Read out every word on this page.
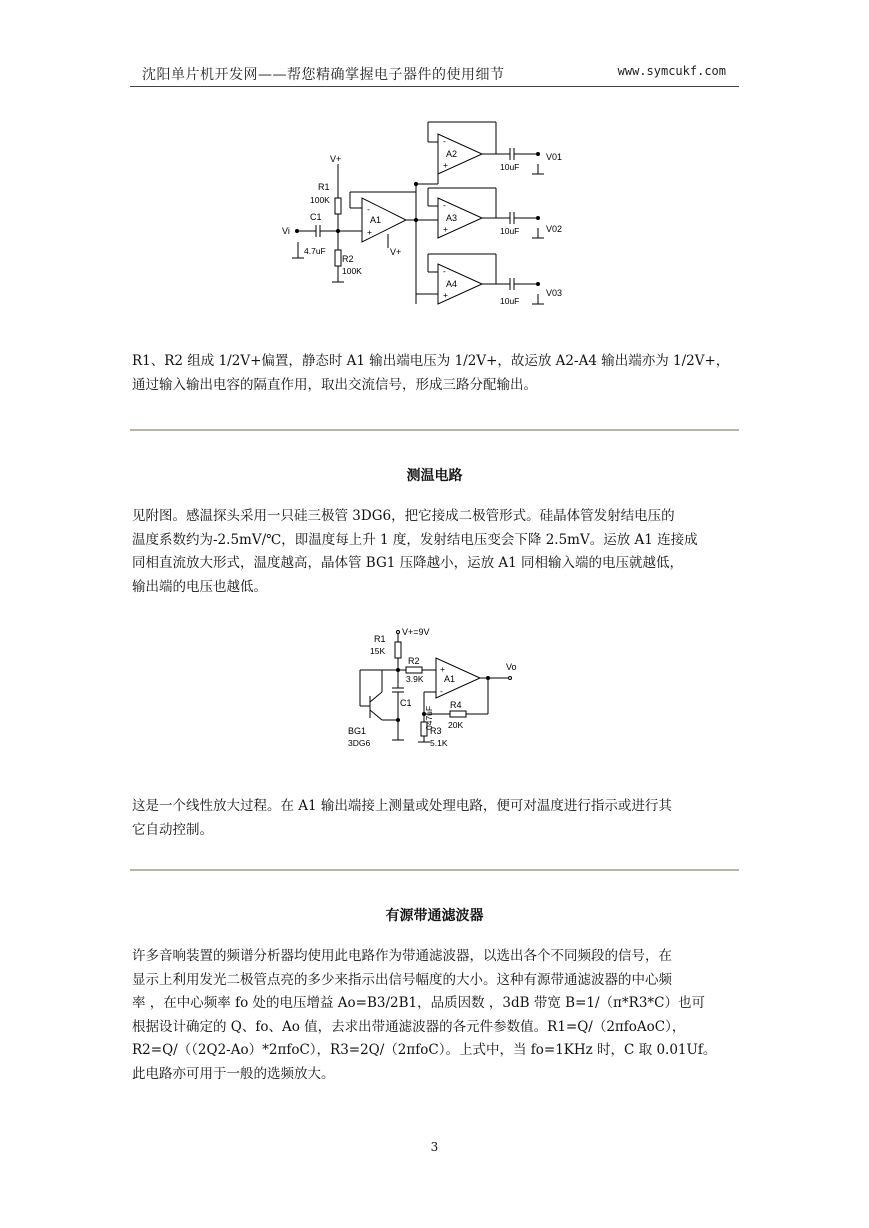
沈阳单片机开发网——帮您精确掌握电子器件的使用细节	www.symcukf.com
V+
R1
100K
R2
100K
Vi
C1
4.7uF
-
+
A1
V+
-
+
A2	V01
10uF
-
+
A3
V02
10uF
-
+
A4
V03
10uF

R1、R2 组成 1/2V+偏置，静态时 A1 输出端电压为 1/2V+，故运放 A2-A4 输出端亦为 1/2V+，

通过输入输出电容的隔直作用，取出交流信号，形成三路分配输出。

测温电路

见附图。感温探头采用一只硅三极管 3DG6，把它接成二极管形式。硅晶体管发射结电压的

温度系数约为-2.5mV/℃，即温度每上升 1 度，发射结电压变会下降 2.5mV。运放 A1 连接成

同相直流放大形式，温度越高，晶体管 BG1 压降越小，运放 A1 同相输入端的电压就越低，

输出端的电压也越低。

V+=9V
R1
15K
R2
3.9K
+
-
A1
Vo
R4
20K
R3
5.1K
C1
047uF
BG1
3DG6

这是一个线性放大过程。在 A1 输出端接上测量或处理电路，便可对温度进行指示或进行其

它自动控制。

有源带通滤波器

许多音响装置的频谱分析器均使用此电路作为带通滤波器，以选出各个不同频段的信号，在

显示上利用发光二极管点亮的多少来指示出信号幅度的大小。这种有源带通滤波器的中心频

率 ，在中心频率 fo 处的电压增益 Ao=B3/2B1，品质因数 ，3dB 带宽 B=1/（π*R3*C）也可

根据设计确定的 Q、fo、Ao 值，去求出带通滤波器的各元件参数值。R1=Q/（2πfoAoC），

R2=Q/（（2Q2-Ao）*2πfoC），R3=2Q/（2πfoC）。上式中，当 fo=1KHz 时，C 取 0.01Uf。

此电路亦可用于一般的选频放大。

3
